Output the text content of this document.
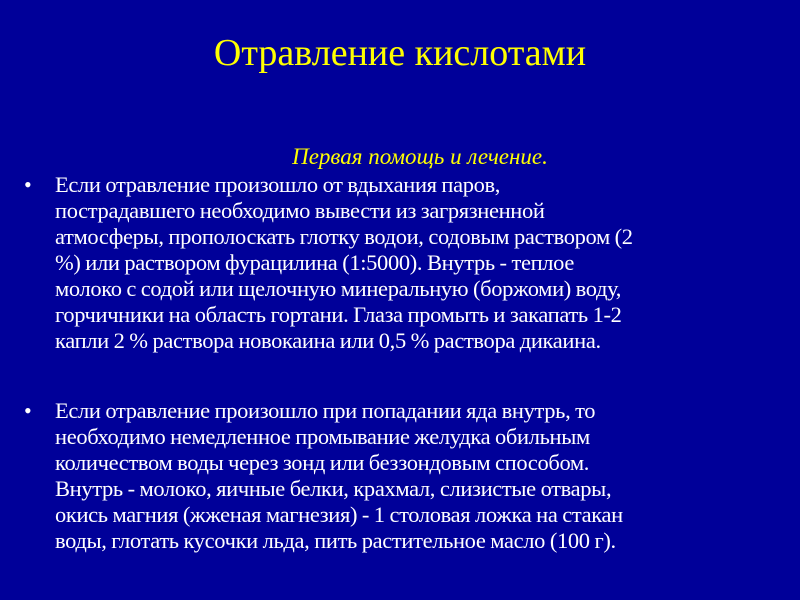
Отравление кислотами
Первая помощь и лечение.
• Если отравление произошло от вдыхания паров,
пострадавшего необходимо вывести из загрязненной
атмосферы, прополоскать глотку водои, содовым раствором (2
%) или раствором фурацилина (1:5000). Внутрь - теплое
молоко с содой или щелочную минеральную (боржоми) воду,
горчичники на область гортани. Глаза промыть и закапать 1-2
капли 2 % раствора новокаина или 0,5 % раствора дикаина.
• Если отравление произошло при попадании яда внутрь, то
необходимо немедленное промывание желудка обильным
количеством воды через зонд или беззондовым способом.
Внутрь - молоко, яичные белки, крахмал, слизистые отвары,
окись магния (жженая магнезия) - 1 столовая ложка на стакан
воды, глотать кусочки льда, пить растительное масло (100 г).
